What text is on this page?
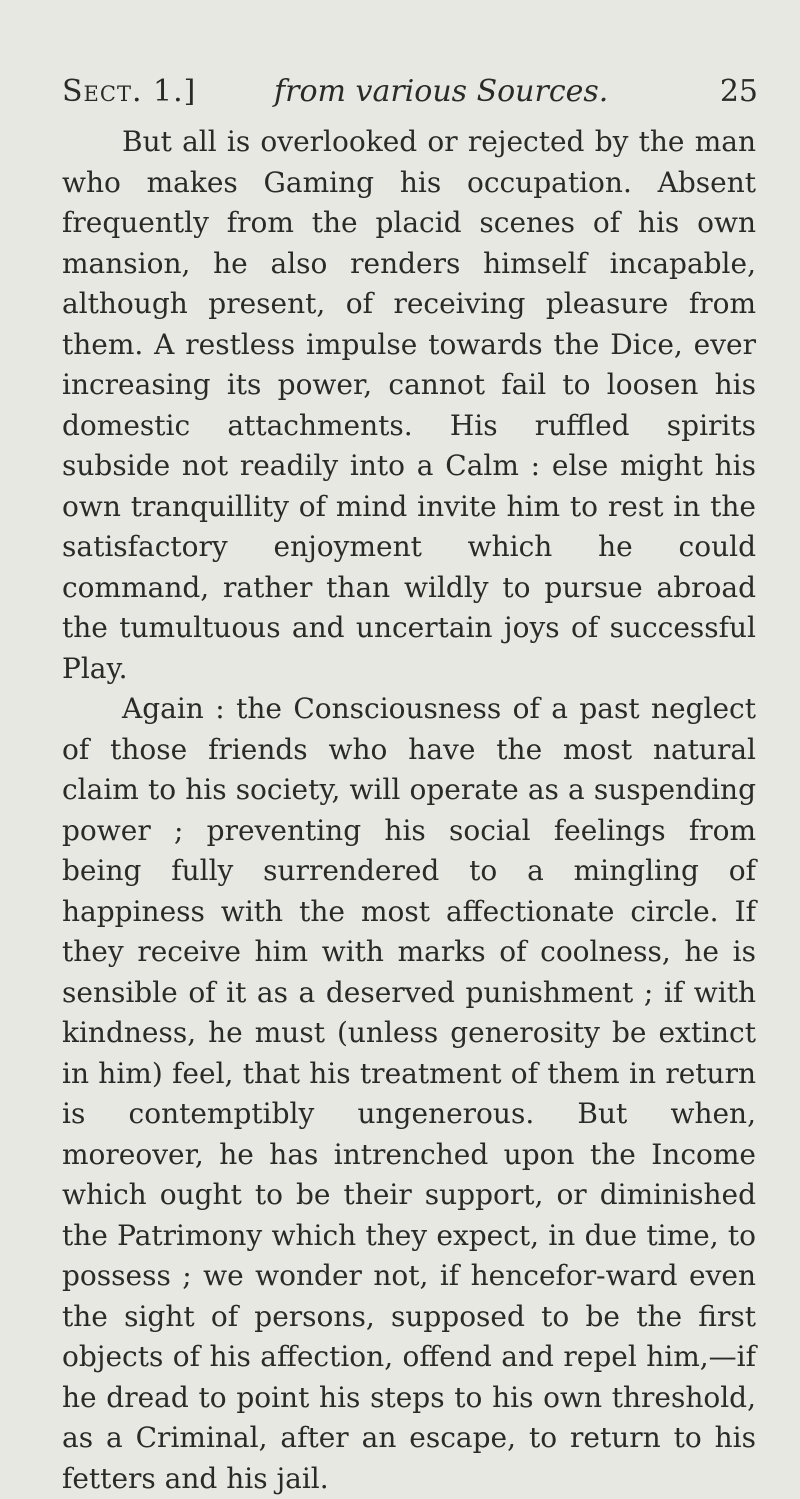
Sect. 1.]	from various Sources.	25

But all is overlooked or rejected by the man who makes Gaming his occupation. Absent frequently from the placid scenes of his own mansion, he also renders himself incapable, although present, of receiving pleasure from them. A restless impulse towards the Dice, ever increasing its power, cannot fail to loosen his domestic attachments. His ruffled spirits subside not readily into a Calm : else might his own tranquillity of mind invite him to rest in the satisfactory enjoyment which he could command, rather than wildly to pursue abroad the tumultuous and uncertain joys of successful Play.

Again : the Consciousness of a past neglect of those friends who have the most natural claim to his society, will operate as a suspending power ; preventing his social feelings from being fully surrendered to a mingling of happiness with the most affectionate circle. If they receive him with marks of coolness, he is sensible of it as a deserved punishment ; if with kindness, he must (unless generosity be extinct in him) feel, that his treatment of them in return is contemptibly ungenerous. But when, moreover, he has intrenched upon the Income which ought to be their support, or diminished the Patrimony which they expect, in due time, to possess ; we wonder not, if hencefor-ward even the sight of persons, supposed to be the first objects of his affection, offend and repel him,—if he dread to point his steps to his own threshold, as a Criminal, after an escape, to return to his fetters and his jail.
